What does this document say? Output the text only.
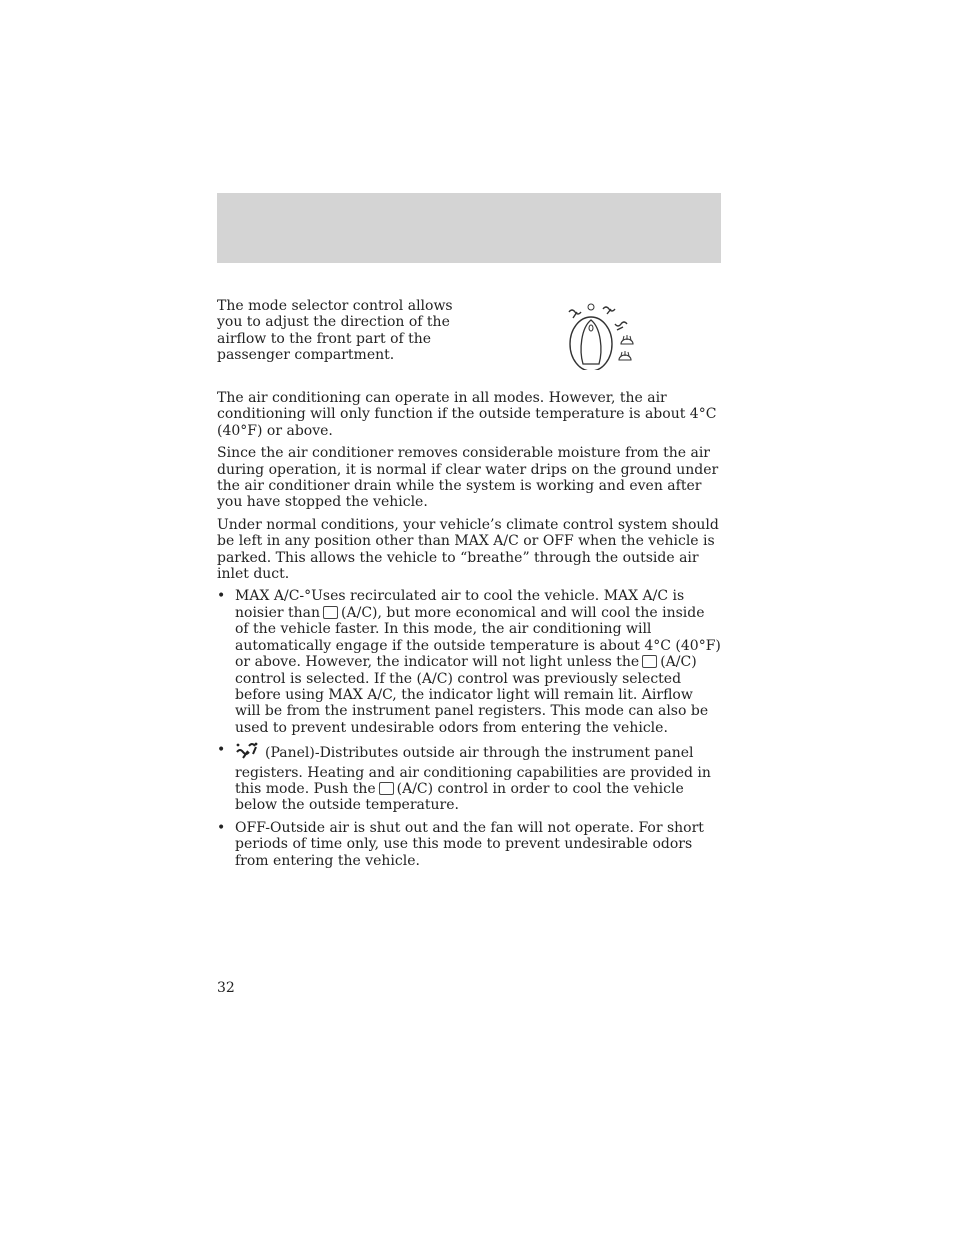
The mode selector control allows you to adjust the direction of the airflow to the front part of the passenger compartment.

The air conditioning can operate in all modes. However, the air conditioning will only function if the outside temperature is about 4°C (40°F) or above.

Since the air conditioner removes considerable moisture from the air during operation, it is normal if clear water drips on the ground under the air conditioner drain while the system is working and even after you have stopped the vehicle.

Under normal conditions, your vehicle’s climate control system should be left in any position other than MAX A/C or OFF when the vehicle is parked. This allows the vehicle to “breathe” through the outside air inlet duct.

• MAX A/C-°Uses recirculated air to cool the vehicle. MAX A/C is noisier than (A/C), but more economical and will cool the inside of the vehicle faster. In this mode, the air conditioning will automatically engage if the outside temperature is about 4°C (40°F) or above. However, the indicator will not light unless the (A/C) control is selected. If the (A/C) control was previously selected before using MAX A/C, the indicator light will remain lit. Airflow will be from the instrument panel registers. This mode can also be used to prevent undesirable odors from entering the vehicle.
•	(Panel)-Distributes outside air through the instrument panel registers. Heating and air conditioning capabilities are provided in this mode. Push the (A/C) control in order to cool the vehicle below the outside temperature.
• OFF-Outside air is shut out and the fan will not operate. For short periods of time only, use this mode to prevent undesirable odors from entering the vehicle.
32
